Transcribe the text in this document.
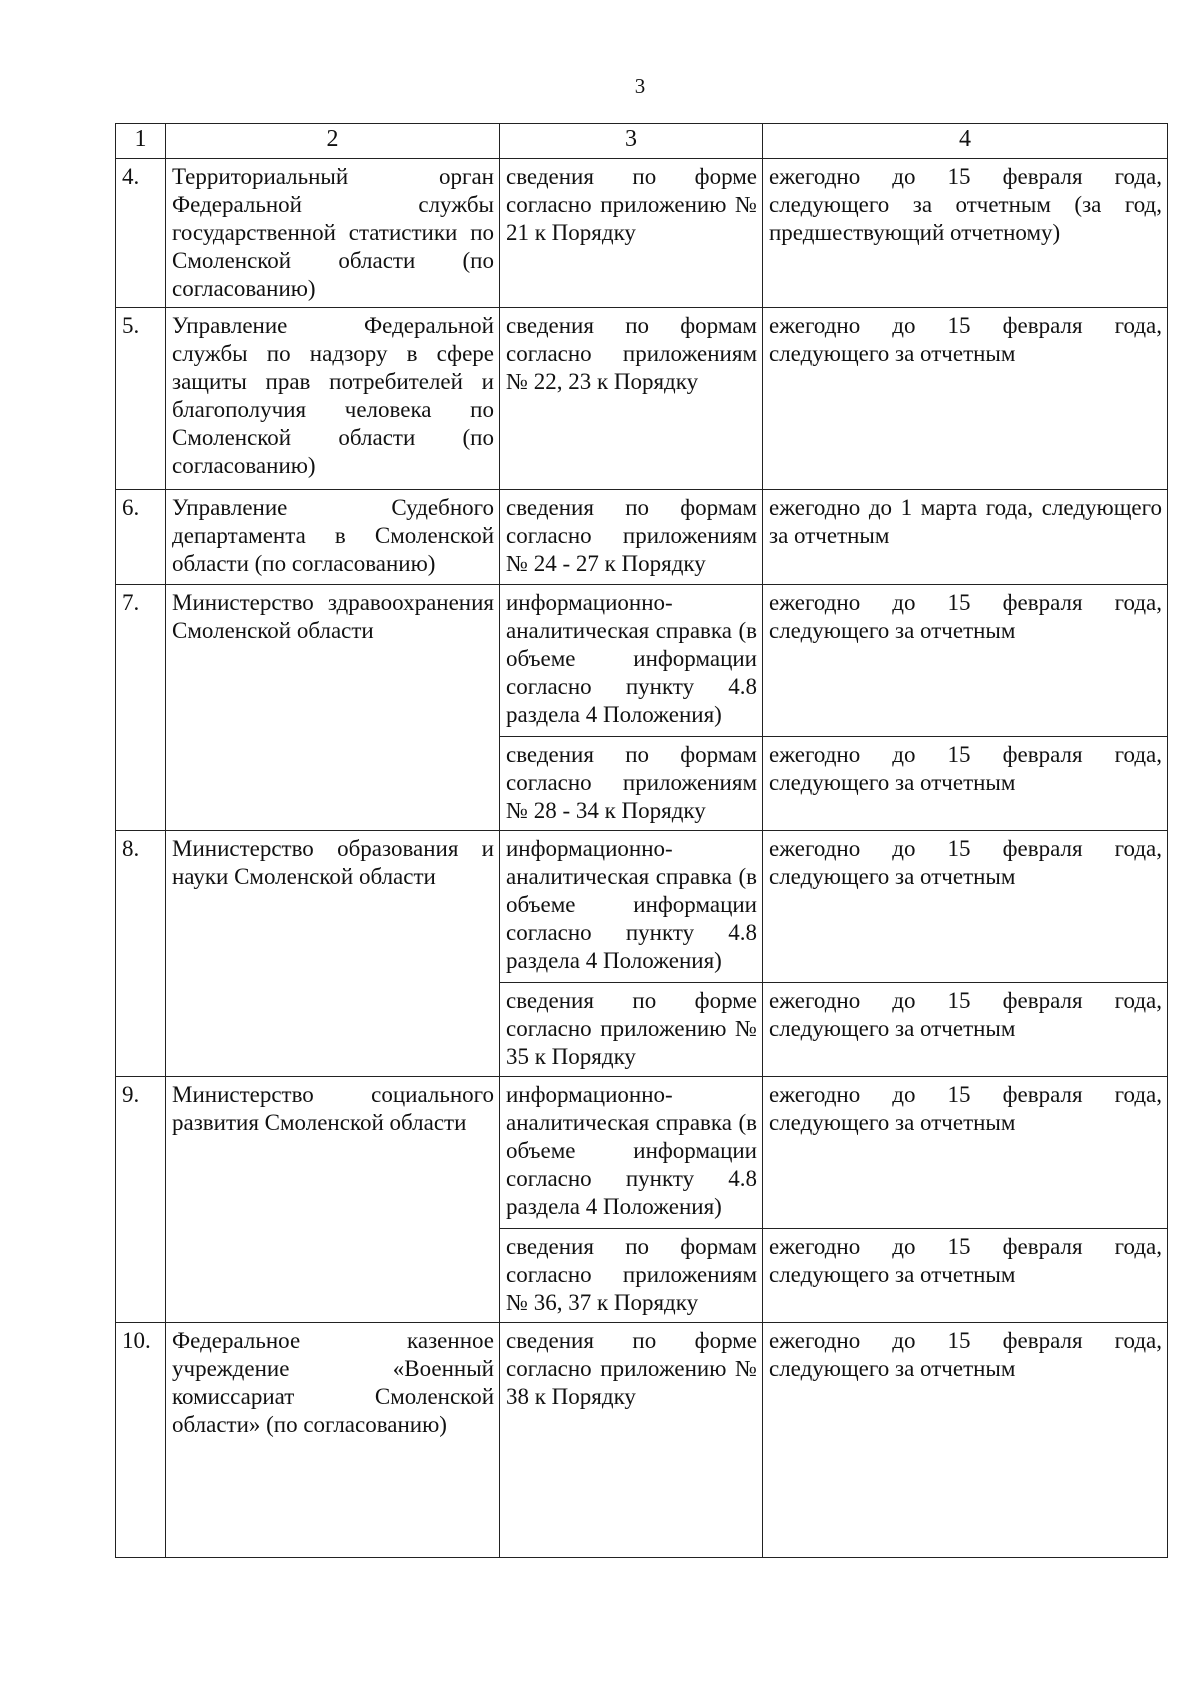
3
1	2	3	4
4.	Территориальный орган Федеральной службы государственной статистики по Смоленской области (по согласованию)	сведения по форме согласно приложению № 21 к Порядку	ежегодно до 15 февраля года, следующего за отчетным (за год, предшествующий отчетному)
5.	Управление Федеральной службы по надзору в сфере защиты прав потребителей и благополучия человека по Смоленской области (по согласованию)	сведения по формам согласно приложениям № 22, 23 к Порядку	ежегодно до 15 февраля года, следующего за отчетным
6.	Управление Судебного департамента в Смоленской области (по согласованию)	сведения по формам согласно приложениям № 24 - 27 к Порядку	ежегодно до 1 марта года, следующего за отчетным
7.	Министерство здравоохранения Смоленской области	информационно-аналитическая справка (в объеме информации согласно пункту 4.8 раздела 4 Положения)	ежегодно до 15 февраля года, следующего за отчетным
		сведения по формам согласно приложениям № 28 - 34 к Порядку	ежегодно до 15 февраля года, следующего за отчетным
8.	Министерство образования и науки Смоленской области	информационно-аналитическая справка (в объеме информации согласно пункту 4.8 раздела 4 Положения)	ежегодно до 15 февраля года, следующего за отчетным
		сведения по форме согласно приложению № 35 к Порядку	ежегодно до 15 февраля года, следующего за отчетным
9.	Министерство социального развития Смоленской области	информационно-аналитическая справка (в объеме информации согласно пункту 4.8 раздела 4 Положения)	ежегодно до 15 февраля года, следующего за отчетным
		сведения по формам согласно приложениям № 36, 37 к Порядку	ежегодно до 15 февраля года, следующего за отчетным
10.	Федеральное казенное учреждение «Военный комиссариат Смоленской области» (по согласованию)	сведения по форме согласно приложению № 38 к Порядку	ежегодно до 15 февраля года, следующего за отчетным
